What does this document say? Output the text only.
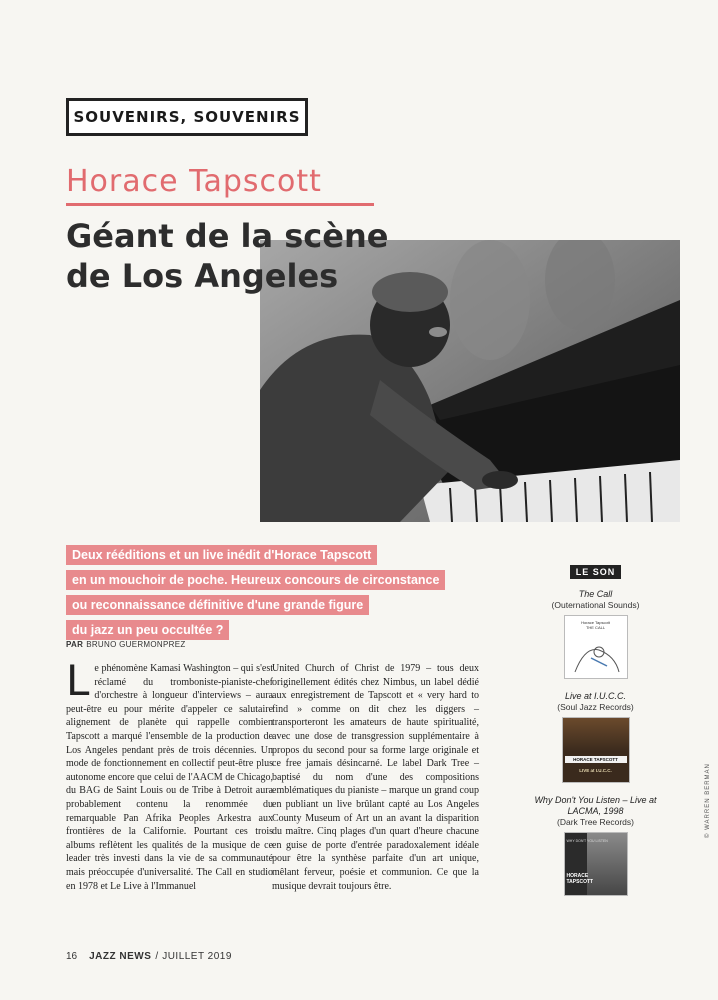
SOUVENIRS, SOUVENIRS
Horace Tapscott
Géant de la scène
de Los Angeles
Deux rééditions et un live inédit d'Horace Tapscott
en un mouchoir de poche. Heureux concours de circonstance
ou reconnaissance définitive d'une grande figure
du jazz un peu occultée ?
PAR BRUNO GUERMONPREZ
L e phénomène Kamasi Washington – qui s'est réclamé du tromboniste-pianiste-chef d'orchestre à longueur d'interviews – aura peut-être eu pour mérite d'appeler ce salutaire alignement de planète qui rappelle combien Tapscott a marqué l'ensemble de la production de Los Angeles pendant près de trois décennies. Un mode de fonctionnement en collectif peut-être plus autonome encore que celui de l'AACM de Chicago, du BAG de Saint Louis ou de Tribe à Detroit aura probablement contenu la renommée du remarquable Pan Afrika Peoples Arkestra aux frontières de la Californie. Pourtant ces trois albums reflètent les qualités de la musique de ce leader très investi dans la vie de sa communauté mais préoccupée d'universalité. The Call en studio en 1978 et Le Live à l'Immanuel

United Church of Christ de 1979 – tous deux originellement édités chez Nimbus, un label dédié aux enregistrement de Tapscott et « very hard to find » comme on dit chez les diggers – transporteront les amateurs de haute spiritualité, avec une dose de transgression supplémentaire à propos du second pour sa forme large originale et ce free jamais désincarné. Le label Dark Tree – baptisé du nom d'une des compositions emblématiques du pianiste – marque un grand coup en publiant un live brûlant capté au Los Angeles County Museum of Art un an avant la disparition du maître. Cinq plages d'un quart d'heure chacune en guise de porte d'entrée paradoxalement idéale pour être la synthèse parfaite d'un art unique, mêlant ferveur, poésie et communion. Ce que la musique devrait toujours être.

LE SON
The Call
(Outernational Sounds)
Horace Tapscott
THE CALL
Live at I.U.C.C.
(Soul Jazz Records)
HORACE TAPSCOTT
LIVE at I.U.C.C.
Why Don't You Listen – Live at LACMA, 1998
(Dark Tree Records)
WHY DON'T YOU LISTEN
HORACE TAPSCOTT
© WARREN BERMAN
16 JAZZ NEWS / JUILLET 2019
